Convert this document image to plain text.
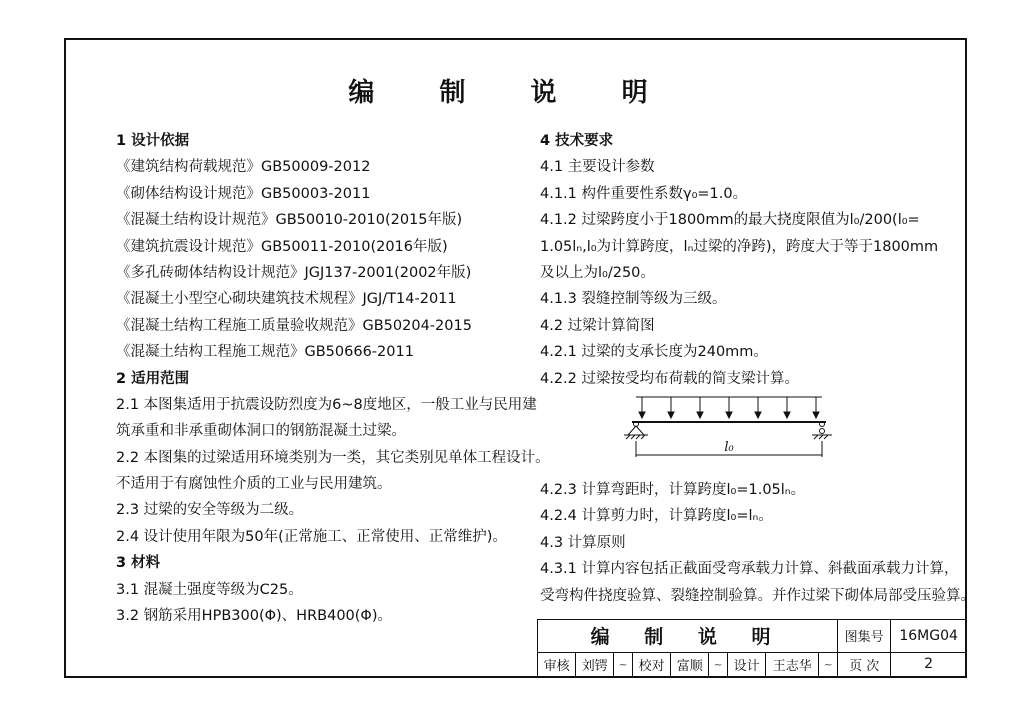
编 制 说 明
1 设计依据
《建筑结构荷载规范》GB50009-2012
《砌体结构设计规范》GB50003-2011
《混凝土结构设计规范》GB50010-2010(2015年版)
《建筑抗震设计规范》GB50011-2010(2016年版)
《多孔砖砌体结构设计规范》JGJ137-2001(2002年版)
《混凝土小型空心砌块建筑技术规程》JGJ/T14-2011
《混凝土结构工程施工质量验收规范》GB50204-2015
《混凝土结构工程施工规范》GB50666-2011
2 适用范围
2.1 本图集适用于抗震设防烈度为6~8度地区，一般工业与民用建
筑承重和非承重砌体洞口的钢筋混凝土过梁。
2.2 本图集的过梁适用环境类别为一类，其它类别见单体工程设计。
不适用于有腐蚀性介质的工业与民用建筑。
2.3 过梁的安全等级为二级。
2.4 设计使用年限为50年(正常施工、正常使用、正常维护)。
3 材料
3.1 混凝土强度等级为C25。
3.2 钢筋采用HPB300(Φ)、HRB400(Φ)。
4 技术要求
4.1 主要设计参数
4.1.1 构件重要性系数γ₀=1.0。
4.1.2 过梁跨度小于1800mm的最大挠度限值为l₀/200(l₀=
1.05lₙ,l₀为计算跨度，lₙ过梁的净跨)，跨度大于等于1800mm
及以上为l₀/250。
4.1.3 裂缝控制等级为三级。
4.2 过梁计算简图
4.2.1 过梁的支承长度为240mm。
4.2.2 过梁按受均布荷载的简支梁计算。
l₀
4.2.3 计算弯距时，计算跨度l₀=1.05lₙ。
4.2.4 计算剪力时，计算跨度l₀=lₙ。
4.3 计算原则
4.3.1 计算内容包括正截面受弯承载力计算、斜截面承载力计算，
受弯构件挠度验算、裂缝控制验算。并作过梁下砌体局部受压验算。
编 制 说 明									图集号	16MG04
审核	刘锷	~	校对	富顺	~	设计	王志华	~	页 次	2
